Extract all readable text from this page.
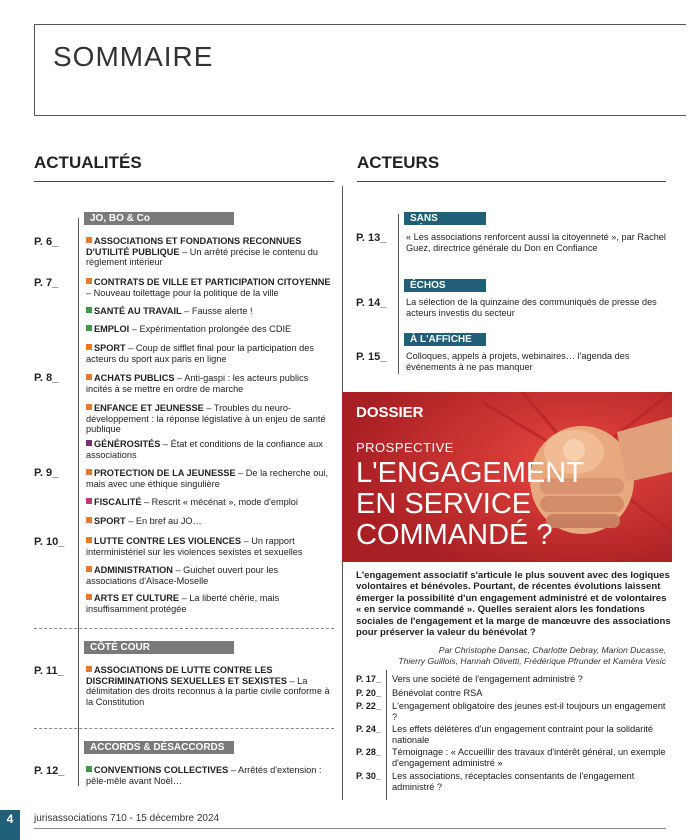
SOMMAIRE
ACTUALITÉS	ACTEURS
JO, BO & Co
P. 6_	ASSOCIATIONS ET FONDATIONS RECONNUES D'UTILITÉ PUBLIQUE – Un arrêté précise le contenu du règlement intérieur
P. 7_	CONTRATS DE VILLE ET PARTICIPATION CITOYENNE – Nouveau toilettage pour la politique de la ville
SANTÉ AU TRAVAIL – Fausse alerte !
EMPLOI – Expérimentation prolongée des CDIE
SPORT – Coup de sifflet final pour la participation des acteurs du sport aux paris en ligne
P. 8_	ACHATS PUBLICS – Anti-gaspi : les acteurs publics incités à se mettre en ordre de marche
ENFANCE ET JEUNESSE – Troubles du neuro-développement : la réponse législative à un enjeu de santé publique
GÉNÉROSITÉS – État et conditions de la confiance aux associations
P. 9_	PROTECTION DE LA JEUNESSE – De la recherche oui, mais avec une éthique singulière
FISCALITÉ – Rescrit « mécénat », mode d'emploi
SPORT – En bref au JO…
P. 10_	LUTTE CONTRE LES VIOLENCES – Un rapport interministériel sur les violences sexistes et sexuelles
ADMINISTRATION – Guichet ouvert pour les associations d'Alsace-Moselle
ARTS ET CULTURE – La liberté chérie, mais insuffisamment protégée
CÔTÉ COUR
P. 11_	ASSOCIATIONS DE LUTTE CONTRE LES DISCRIMINATIONS SEXUELLES ET SEXISTES – La délimitation des droits reconnus à la partie civile conforme à la Constitution
ACCORDS & DÉSACCORDS
P. 12_	CONVENTIONS COLLECTIVES – Arrêtés d'extension : pêle-mêle avant Noël…
SANS DÉTOUR
P. 13_ « Les associations renforcent aussi la citoyenneté », par Rachel Guez, directrice générale du Don en Confiance
ÉCHOS
P. 14_ La sélection de la quinzaine des communiqués de presse des acteurs investis du secteur
À L'AFFICHE
P. 15_ Colloques, appels à projets, webinaires… l'agenda des événements à ne pas manquer
DOSSIER
PROSPECTIVE
L'ENGAGEMENT
EN SERVICE
COMMANDÉ ?
L'engagement associatif s'articule le plus souvent avec des logiques volontaires et bénévoles. Pourtant, de récentes évolutions laissent émerger la possibilité d'un engagement administré et de volontaires « en service commandé ». Quelles seraient alors les fondations sociales de l'engagement et la marge de manœuvre des associations pour préserver la valeur du bénévolat ?
Par Christophe Dansac, Charlotte Debray, Marion Ducasse,
Thierry Guillois, Hannah Olivetti, Frédérique Pfrunder et Kaméra Vesic
P. 17_ Vers une société de l'engagement administré ?
P. 20_ Bénévolat contre RSA
P. 22_ L'engagement obligatoire des jeunes est-il toujours un engagement ?
P. 24_ Les effets délétères d'un engagement contraint pour la solidarité nationale
P. 28_ Témoignage : « Accueillir des travaux d'intérêt général, un exemple d'engagement administré »
P. 30_ Les associations, réceptacles consentants de l'engagement administré ?
4	jurisassociations 710 - 15 décembre 2024
